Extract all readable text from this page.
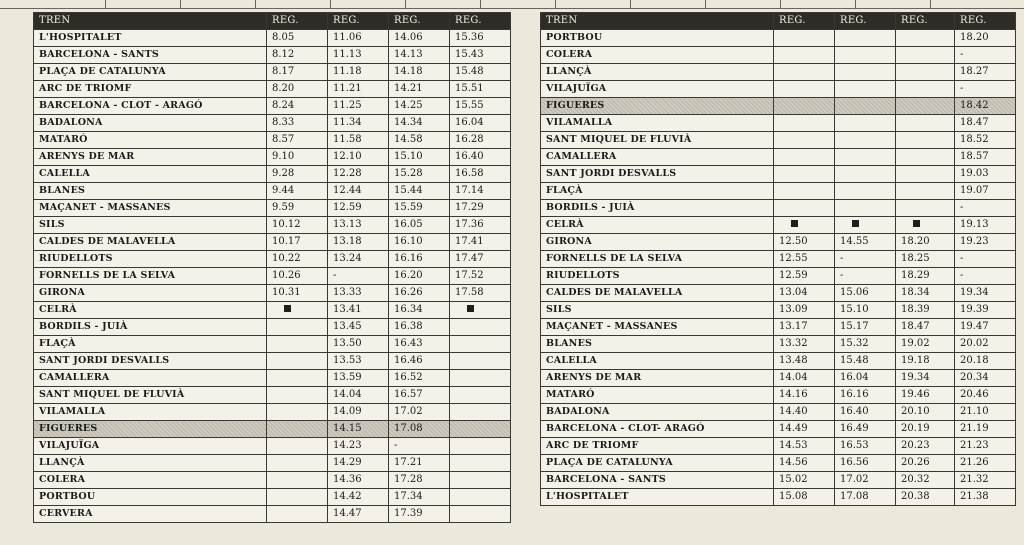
TREN	REG.	REG.	REG.	REG.
L'HOSPITALET	8.05	11.06	14.06	15.36
BARCELONA - SANTS	8.12	11.13	14.13	15.43
PLAÇA DE CATALUNYA	8.17	11.18	14.18	15.48
ARC DE TRIOMF	8.20	11.21	14.21	15.51
BARCELONA - CLOT - ARAGÓ	8.24	11.25	14.25	15.55
BADALONA	8.33	11.34	14.34	16.04
MATARÓ	8.57	11.58	14.58	16.28
ARENYS DE MAR	9.10	12.10	15.10	16.40
CALELLA	9.28	12.28	15.28	16.58
BLANES	9.44	12.44	15.44	17.14
MAÇANET - MASSANES	9.59	12.59	15.59	17.29
SILS	10.12	13.13	16.05	17.36
CALDES DE MALAVELLA	10.17	13.18	16.10	17.41
RIUDELLOTS	10.22	13.24	16.16	17.47
FORNELLS DE LA SELVA	10.26	-	16.20	17.52
GIRONA	10.31	13.33	16.26	17.58
CELRÀ		13.41	16.34	
BORDILS - JUIÀ		13.45	16.38	
FLAÇÀ		13.50	16.43	
SANT JORDI DESVALLS		13.53	16.46	
CAMALLERA		13.59	16.52	
SANT MIQUEL DE FLUVIÀ		14.04	16.57	
VILAMALLA		14.09	17.02	
FIGUERES		14.15	17.08	
VILAJUÏGA		14.23	-	
LLANÇÀ		14.29	17.21	
COLERA		14.36	17.28	
PORTBOU		14.42	17.34	
CERVERA		14.47	17.39	
TREN	REG.	REG.	REG.	REG.
PORTBOU				18.20
COLERA				-
LLANÇÀ				18.27
VILAJUÏGA				-
FIGUERES				18.42
VILAMALLA				18.47
SANT MIQUEL DE FLUVIÀ				18.52
CAMALLERA				18.57
SANT JORDI DESVALLS				19.03
FLAÇÀ				19.07
BORDILS - JUIÀ				-
CELRÀ				19.13
GIRONA	12.50	14.55	18.20	19.23
FORNELLS DE LA SELVA	12.55	-	18.25	-
RIUDELLOTS	12.59	-	18.29	-
CALDES DE MALAVELLA	13.04	15.06	18.34	19.34
SILS	13.09	15.10	18.39	19.39
MAÇANET - MASSANES	13.17	15.17	18.47	19.47
BLANES	13.32	15.32	19.02	20.02
CALELLA	13.48	15.48	19.18	20.18
ARENYS DE MAR	14.04	16.04	19.34	20.34
MATARÓ	14.16	16.16	19.46	20.46
BADALONA	14.40	16.40	20.10	21.10
BARCELONA - CLOT- ARAGÓ	14.49	16.49	20.19	21.19
ARC DE TRIOMF	14.53	16.53	20.23	21.23
PLAÇA DE CATALUNYA	14.56	16.56	20.26	21.26
BARCELONA - SANTS	15.02	17.02	20.32	21.32
L'HOSPITALET	15.08	17.08	20.38	21.38
